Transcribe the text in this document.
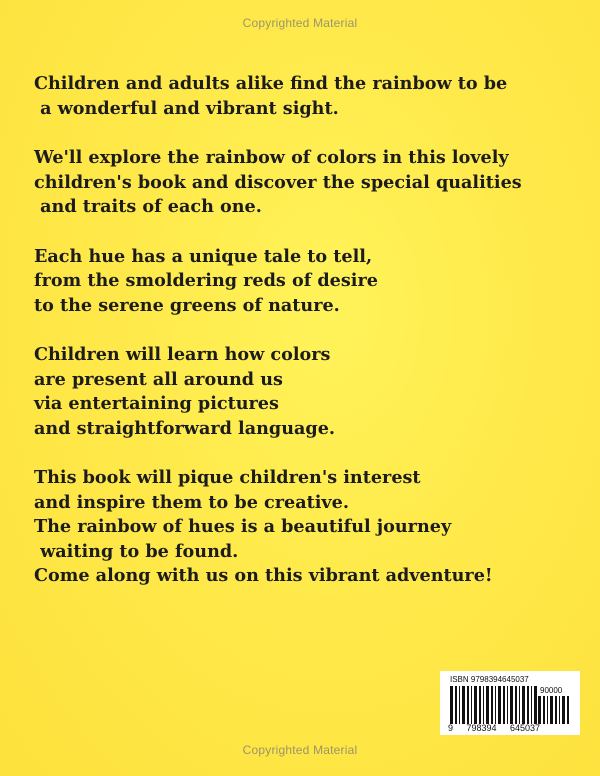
Copyrighted Material

Children and adults alike find the rainbow to be
a wonderful and vibrant sight.

We'll explore the rainbow of colors in this lovely
children's book and discover the special qualities
and traits of each one.

Each hue has a unique tale to tell,
from the smoldering reds of desire
to the serene greens of nature.

Children will learn how colors
are present all around us
via entertaining pictures
and straightforward language.

This book will pique children's interest
and inspire them to be creative.
The rainbow of hues is a beautiful journey
waiting to be found.
Come along with us on this vibrant adventure!

ISBN 9798394645037
90000
9 798394 645037
Copyrighted Material
